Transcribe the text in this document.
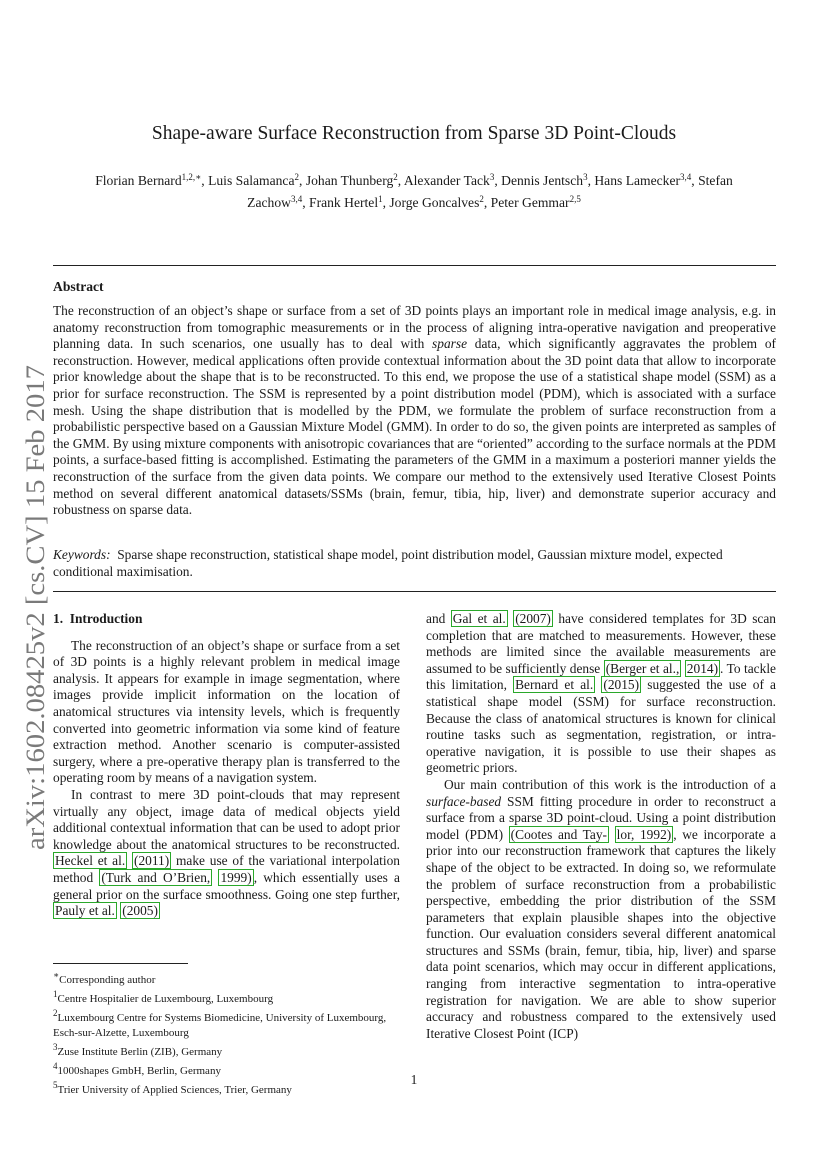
Shape-aware Surface Reconstruction from Sparse 3D Point-Clouds
Florian Bernard$^{1,2,∗}$, Luis Salamanca$^2$, Johan Thunberg$^2$, Alexander Tack$^3$, Dennis Jentsch$^3$, Hans Lamecker$^{3,4}$, Stefan
Zachow$^{3,4}$, Frank Hertel$^1$, Jorge Goncalves$^2$, Peter Gemmar$^{2,5}$
Abstract
The reconstruction of an object’s shape or surface from a set of 3D points plays an important role in medical image analysis, e.g. in anatomy reconstruction from tomographic measurements or in the process of aligning intra-operative navigation and preoperative planning data. In such scenarios, one usually has to deal with sparse data, which significantly aggravates the problem of reconstruction. However, medical applications often provide contextual information about the 3D point data that allow to incorporate prior knowledge about the shape that is to be reconstructed. To this end, we propose the use of a statistical shape model (SSM) as a prior for surface reconstruction. The SSM is represented by a point distribution model (PDM), which is associated with a surface mesh. Using the shape distribution that is modelled by the PDM, we formulate the problem of surface reconstruction from a probabilistic perspective based on a Gaussian Mixture Model (GMM). In order to do so, the given points are interpreted as samples of the GMM. By using mixture components with anisotropic covariances that are “oriented” according to the surface normals at the PDM points, a surface-based fitting is accomplished. Estimating the parameters of the GMM in a maximum a posteriori manner yields the reconstruction of the surface from the given data points. We compare our method to the extensively used Iterative Closest Points method on several different anatomical datasets/SSMs (brain, femur, tibia, hip, liver) and demonstrate superior accuracy and robustness on sparse data.
Keywords: Sparse shape reconstruction, statistical shape model, point distribution model, Gaussian mixture model, expected conditional maximisation.
arXiv:1602.08425v2 [cs.CV] 15 Feb 2017 1. Introduction

The reconstruction of an object’s shape or surface from a set of 3D points is a highly relevant problem in medical image analysis. It appears for example in image segmentation, where images provide implicit information on the location of anatomical structures via intensity levels, which is frequently converted into geometric information via some kind of feature extraction method. Another scenario is computer-assisted surgery, where a pre-operative therapy plan is transferred to the operating room by means of a navigation system.

In contrast to mere 3D point-clouds that may represent virtually any object, image data of medical objects yield additional contextual information that can be used to adopt prior knowledge about the anatomical structures to be reconstructed. Heckel et al. (2011) make use of the variational interpolation method (Turk and O’Brien, 1999) , which essentially uses a general prior on the surface smoothness. Going one step further, Pauly et al. (2005)

and Gal et al. (2007) have considered templates for 3D scan completion that are matched to measurements. However, these methods are limited since the available measurements are assumed to be sufficiently dense (Berger et al., 2014) . To tackle this limitation, Bernard et al. (2015) suggested the use of a statistical shape model (SSM) for surface reconstruction. Because the class of anatomical structures is known for clinical routine tasks such as segmentation, registration, or intra-operative navigation, it is possible to use their shapes as geometric priors.

Our main contribution of this work is the introduction of a surface-based SSM fitting procedure in order to reconstruct a surface from a sparse 3D point-cloud. Using a point distribution model (PDM) (Cootes and Tay- lor, 1992) , we incorporate a prior into our reconstruction framework that captures the likely shape of the object to be extracted. In doing so, we reformulate the problem of surface reconstruction from a probabilistic perspective, embedding the prior distribution of the SSM parameters that explain plausible shapes into the objective function. Our evaluation considers several different anatomical structures and SSMs (brain, femur, tibia, hip, liver) and sparse data point scenarios, which may occur in different applications, ranging from interactive segmentation to intra-operative registration for navigation. We are able to show superior accuracy and robustness compared to the extensively used Iterative Closest Point (ICP)

∗Corresponding author
$^1$Centre Hospitalier de Luxembourg, Luxembourg
$^2$Luxembourg Centre for Systems Biomedicine, University of Luxembourg, Esch-sur-Alzette, Luxembourg
$^3$Zuse Institute Berlin (ZIB), Germany
$^4$1000shapes GmbH, Berlin, Germany
$^5$Trier University of Applied Sciences, Trier, Germany
1
